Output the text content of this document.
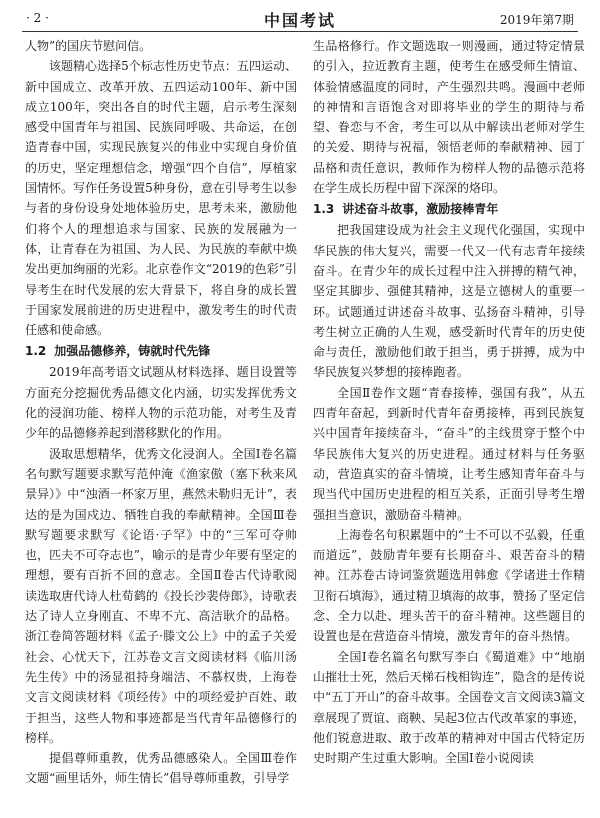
· 2 ·	中国考试	2019年第7期

人物”的国庆节慰问信。

该题精心选择5个标志性历史节点：五四运动、新中国成立、改革开放、五四运动100年、新中国成立100年，突出各自的时代主题，启示考生深刻感受中国青年与祖国、民族同呼吸、共命运，在创造青春中国，实现民族复兴的伟业中实现自身价值的历史，坚定理想信念，增强“四个自信”，厚植家国情怀。写作任务设置5种身份，意在引导考生以参与者的身份设身处地体验历史，思考未来，激励他们将个人的理想追求与国家、民族的发展融为一体，让青春在为祖国、为人民、为民族的奉献中焕发出更加绚丽的光彩。北京卷作文“2019的色彩”引导考生在时代发展的宏大背景下，将自身的成长置于国家发展前进的历史进程中，激发考生的时代责任感和使命感。

1.2 加强品德修养，铸就时代先锋

2019年高考语文试题从材料选择、题目设置等方面充分挖掘优秀品德文化内涵，切实发挥优秀文化的浸润功能、榜样人物的示范功能，对考生及青少年的品德修养起到潜移默化的作用。

汲取思想精华，优秀文化浸润人。全国Ⅰ卷名篇名句默写题要求默写范仲淹《渔家傲（塞下秋来风景异）》中“浊酒一杯家万里，燕然未勒归无计”，表达的是为国戍边、牺牲自我的奉献精神。全国Ⅲ卷默写题要求默写《论语·子罕》中的“三军可夺帅也，匹夫不可夺志也”，喻示的是青少年要有坚定的理想，要有百折不回的意志。全国Ⅱ卷古代诗歌阅读选取唐代诗人杜荀鹤的《投长沙裴侍郎》，诗歌表达了诗人立身刚直、不卑不亢、高洁耿介的品格。浙江卷简答题材料《孟子·滕文公上》中的孟子关爱社会、心忧天下，江苏卷文言文阅读材料《临川汤先生传》中的汤显祖持身端洁、不慕权贵，上海卷文言文阅读材料《项经传》中的项经爱护百姓、敢于担当，这些人物和事迹都是当代青年品德修行的榜样。

提倡尊师重教，优秀品德感染人。全国Ⅲ卷作文题“画里话外，师生情长”倡导尊师重教，引导学

生品格修行。作文题选取一则漫画，通过特定情景的引入，拉近教育主题，使考生在感受师生情谊、体验情感温度的同时，产生强烈共鸣。漫画中老师的神情和言语饱含对即将毕业的学生的期待与希望、眷恋与不舍，考生可以从中解读出老师对学生的关爱、期待与祝福，领悟老师的奉献精神、园丁品格和责任意识，教师作为榜样人物的品德示范将在学生成长历程中留下深深的烙印。

1.3 讲述奋斗故事，激励接棒青年

把我国建设成为社会主义现代化强国，实现中华民族的伟大复兴，需要一代又一代有志青年接续奋斗。在青少年的成长过程中注入拼搏的精气神，坚定其脚步、强健其精神，这是立德树人的重要一环。试题通过讲述奋斗故事、弘扬奋斗精神，引导考生树立正确的人生观，感受新时代青年的历史使命与责任，激励他们敢于担当，勇于拼搏，成为中华民族复兴梦想的接棒跑者。

全国Ⅱ卷作文题“青春接棒，强国有我”，从五四青年奋起，到新时代青年奋勇接棒，再到民族复兴中国青年接续奋斗，“奋斗”的主线贯穿于整个中华民族伟大复兴的历史进程。通过材料与任务驱动，营造真实的奋斗情境，让考生感知青年奋斗与现当代中国历史进程的相互关系，正面引导考生增强担当意识，激励奋斗精神。

上海卷名句积累题中的“士不可以不弘毅，任重而道远”，鼓励青年要有长期奋斗、艰苦奋斗的精神。江苏卷古诗词鉴赏题选用韩愈《学诸进士作精卫衔石填海》，通过精卫填海的故事，赞扬了坚定信念、全力以赴、埋头苦干的奋斗精神。这些题目的设置也是在营造奋斗情境，激发青年的奋斗热情。

全国Ⅰ卷名篇名句默写李白《蜀道难》中“地崩山摧壮士死，然后天梯石栈相钩连”，隐含的是传说中“五丁开山”的奋斗故事。全国卷文言文阅读3篇文章展现了贾谊、商鞅、吴起3位古代改革家的事迹，他们锐意进取、敢于改革的精神对中国古代特定历史时期产生过重大影响。全国Ⅰ卷小说阅读
